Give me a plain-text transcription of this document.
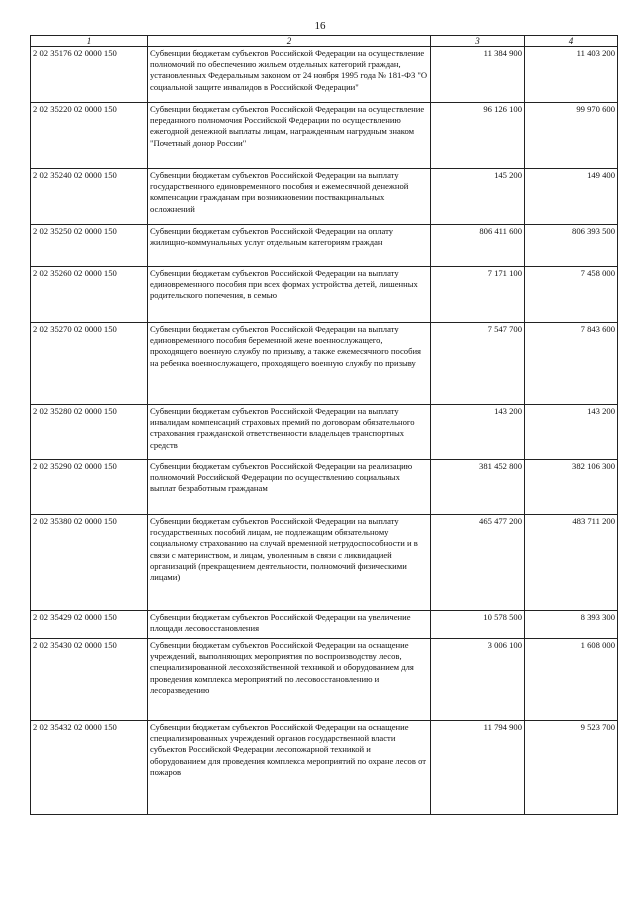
16
1	2	3	4
2 02 35176 02 0000 150	Субвенции бюджетам субъектов Российской Федерации на осуществление полномочий по обеспечению жильем отдельных категорий граждан, установленных Федеральным законом от 24 ноября 1995 года № 181-ФЗ "О социальной защите инвалидов в Российской Федерации"	11 384 900	11 403 200
2 02 35220 02 0000 150	Субвенции бюджетам субъектов Российской Федерации на осуществление переданного полномочия Российской Федерации по осуществлению ежегодной денежной выплаты лицам, награжденным нагрудным знаком "Почетный донор России"	96 126 100	99 970 600
2 02 35240 02 0000 150	Субвенции бюджетам субъектов Российской Федерации на выплату государственного единовременного пособия и ежемесячной денежной компенсации гражданам при возникновении поствакцинальных осложнений	145 200	149 400
2 02 35250 02 0000 150	Субвенции бюджетам субъектов Российской Федерации на оплату жилищно-коммунальных услуг отдельным категориям граждан	806 411 600	806 393 500
2 02 35260 02 0000 150	Субвенции бюджетам субъектов Российской Федерации на выплату единовременного пособия при всех формах устройства детей, лишенных родительского попечения, в семью	7 171 100	7 458 000
2 02 35270 02 0000 150	Субвенции бюджетам субъектов Российской Федерации на выплату единовременного пособия беременной жене военнослужащего, проходящего военную службу по призыву, а также ежемесячного пособия на ребенка военнослужащего, проходящего военную службу по призыву	7 547 700	7 843 600
2 02 35280 02 0000 150	Субвенции бюджетам субъектов Российской Федерации на выплату инвалидам компенсаций страховых премий по договорам обязательного страхования гражданской ответственности владельцев транспортных средств	143 200	143 200
2 02 35290 02 0000 150	Субвенции бюджетам субъектов Российской Федерации на реализацию полномочий Российской Федерации по осуществлению социальных выплат безработным гражданам	381 452 800	382 106 300
2 02 35380 02 0000 150	Субвенции бюджетам субъектов Российской Федерации на выплату государственных пособий лицам, не подлежащим обязательному социальному страхованию на случай временной нетрудоспособности и в связи с материнством, и лицам, уволенным в связи с ликвидацией организаций (прекращением деятельности, полномочий физическими лицами)	465 477 200	483 711 200
2 02 35429 02 0000 150	Субвенции бюджетам субъектов Российской Федерации на увеличение площади лесовосстановления	10 578 500	8 393 300
2 02 35430 02 0000 150	Субвенции бюджетам субъектов Российской Федерации на оснащение учреждений, выполняющих мероприятия по воспроизводству лесов, специализированной лесохозяйственной техникой и оборудованием для проведения комплекса мероприятий по лесовосстановлению и лесоразведению	3 006 100	1 608 000
2 02 35432 02 0000 150	Субвенции бюджетам субъектов Российской Федерации на оснащение специализированных учреждений органов государственной власти субъектов Российской Федерации лесопожарной техникой и оборудованием для проведения комплекса мероприятий по охране лесов от пожаров	11 794 900	9 523 700
